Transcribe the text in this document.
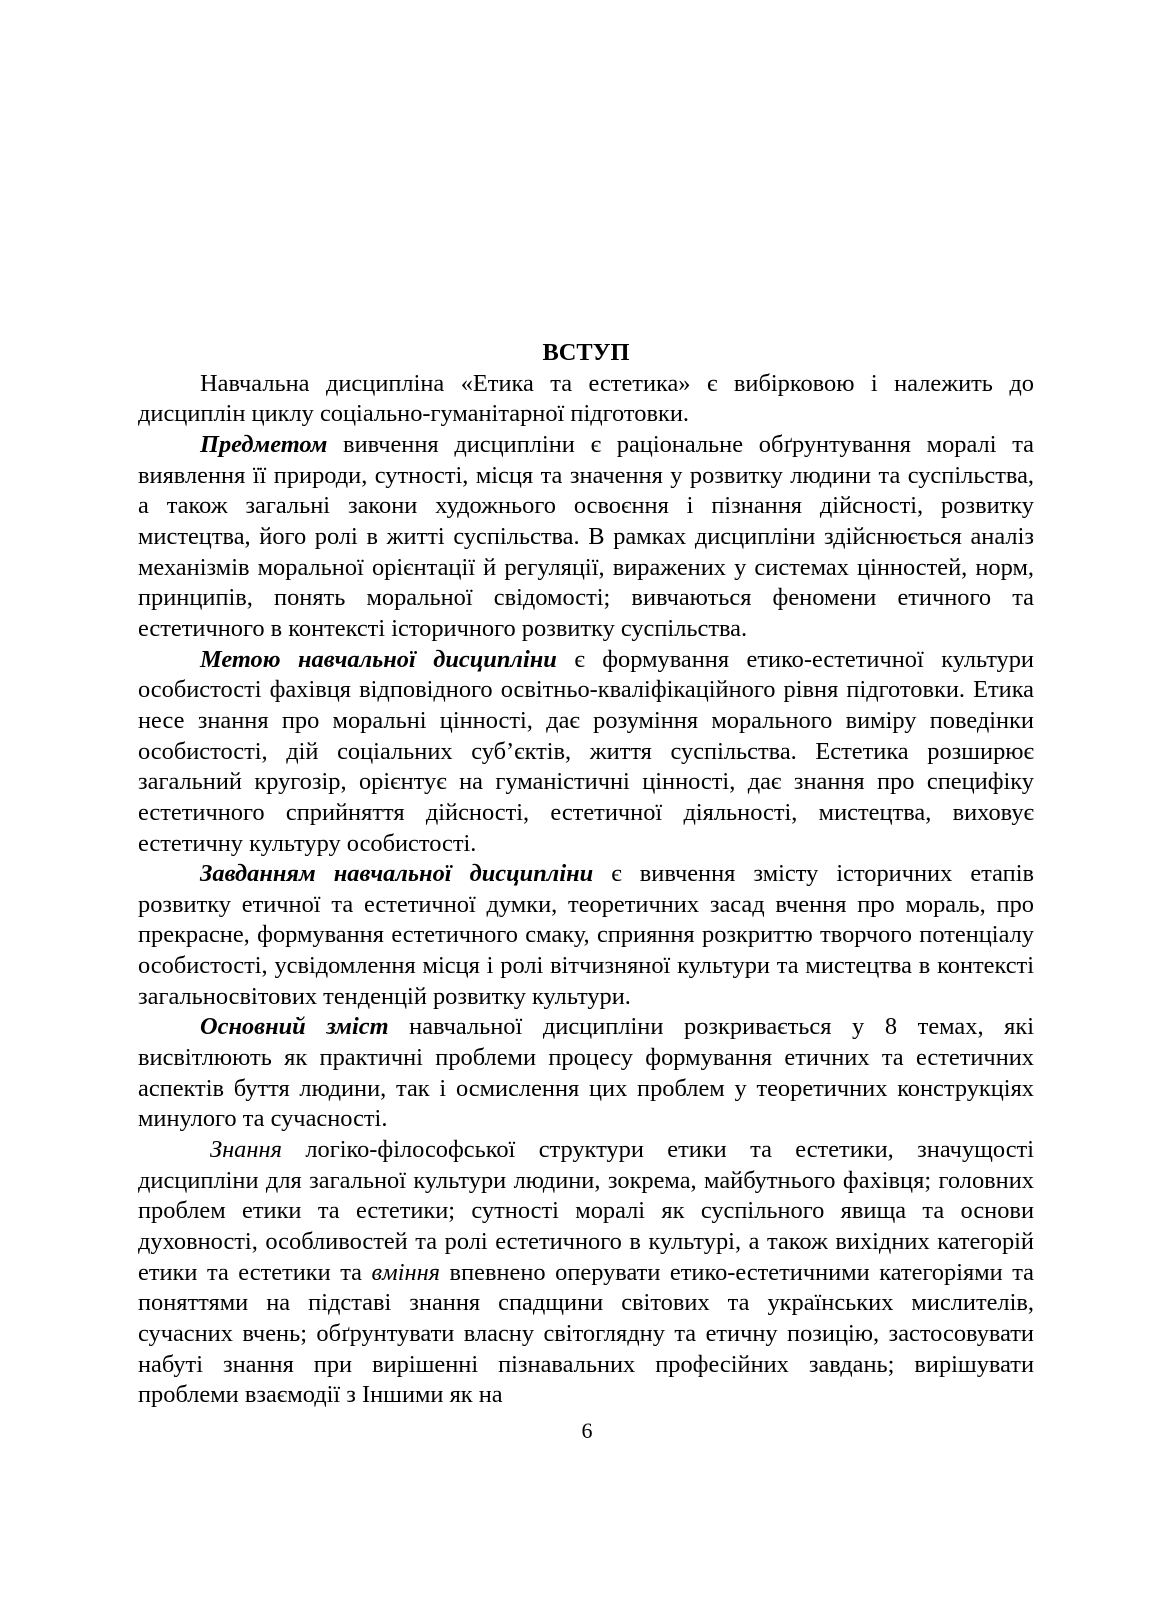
ВСТУП

Навчальна дисципліна «Етика та естетика» є вибірковою і належить до дисциплін циклу соціально-гуманітарної підготовки.

Предметом вивчення дисципліни є раціональне обґрунтування моралі та виявлення її природи, сутності, місця та значення у розвитку людини та суспільства, а також загальні закони художнього освоєння і пізнання дійсності, розвитку мистецтва, його ролі в житті суспільства. В рамках дисципліни здійснюється аналіз механізмів моральної орієнтації й регуляції, виражених у системах цінностей, норм, принципів, понять моральної свідомості; вивчаються феномени етичного та естетичного в контексті історичного розвитку суспільства.

Метою навчальної дисципліни є формування етико-естетичної культури особистості фахівця відповідного освітньо-кваліфікаційного рівня підготовки. Етика несе знання про моральні цінності, дає розуміння морального виміру поведінки особистості, дій соціальних суб’єктів, життя суспільства. Естетика розширює загальний кругозір, орієнтує на гуманістичні цінності, дає знання про специфіку естетичного сприйняття дійсності, естетичної діяльності, мистецтва, виховує естетичну культуру особистості.

Завданням навчальної дисципліни є вивчення змісту історичних етапів розвитку етичної та естетичної думки, теоретичних засад вчення про мораль, про прекрасне, формування естетичного смаку, сприяння розкриттю творчого потенціалу особистості, усвідомлення місця і ролі вітчизняної культури та мистецтва в контексті загальносвітових тенденцій розвитку культури.

Основний зміст навчальної дисципліни розкривається у 8 темах, які висвітлюють як практичні проблеми процесу формування етичних та естетичних аспектів буття людини, так і осмислення цих проблем у теоретичних конструкціях минулого та сучасності.

Знання логіко-філософської структури етики та естетики, значущості дисципліни для загальної культури людини, зокрема, майбутнього фахівця; головних проблем етики та естетики; сутності моралі як суспільного явища та основи духовності, особливостей та ролі естетичного в культурі, а також вихідних категорій етики та естетики та вміння впевнено оперувати етико-естетичними категоріями та поняттями на підставі знання спадщини світових та українських мислителів, сучасних вчень; обґрунтувати власну світоглядну та етичну позицію, застосовувати набуті знання при вирішенні пізнавальних професійних завдань; вирішувати проблеми взаємодії з Іншими як на

6
